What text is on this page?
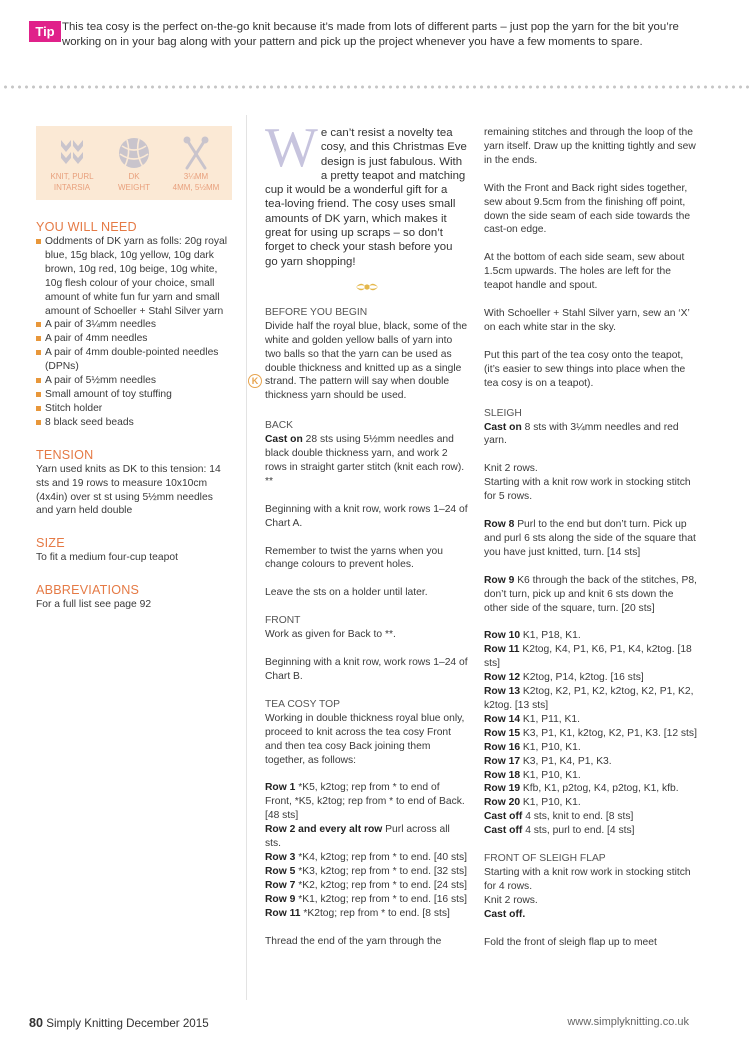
Tip This tea cosy is the perfect on-the-go knit because it’s made from lots of different parts – just pop the yarn for the bit you’re working on in your bag along with your pattern and pick up the project whenever you have a few moments to spare.
KNIT, PURL
INTARSIA
DK
WEIGHT
3¼MM
4MM, 5½MM
YOU WILL NEED
Oddments of DK yarn as folls: 20g royal blue, 15g black, 10g yellow, 10g dark brown, 10g red, 10g beige, 10g white, 10g flesh colour of your choice, small amount of white fun fur yarn and small amount of Schoeller + Stahl Silver yarn
A pair of 3¼mm needles
A pair of 4mm needles
A pair of 4mm double-pointed needles (DPNs)
A pair of 5½mm needles
Small amount of toy stuffing
Stitch holder
8 black seed beads
TENSION

Yarn used knits as DK to this tension: 14 sts and 19 rows to measure 10x10cm (4x4in) over st st using 5½mm needles and yarn held double

SIZE

To fit a medium four-cup teapot

ABBREVIATIONS

For a full list see page 92

We can’t resist a novelty tea cosy, and this Christmas Eve design is just fabulous. With a pretty teapot and matching cup it would be a wonderful gift for a tea-loving friend. The cosy uses small amounts of DK yarn, which makes it great for using up scraps – so don’t forget to check your stash before you go yarn shopping!
BEFORE YOU BEGIN

Divide half the royal blue, black, some of the white and golden yellow balls of yarn into two balls so that the yarn can be used as double thickness and knitted up as a single strand. The pattern will say when double thickness yarn should be used.

K
BACK

Cast on 28 sts using 5½mm needles and black double thickness yarn, and work 2 rows in straight garter stitch (knit each row). **

Beginning with a knit row, work rows 1–24 of Chart A.

Remember to twist the yarns when you change colours to prevent holes.

Leave the sts on a holder until later.

FRONT

Work as given for Back to **.

Beginning with a knit row, work rows 1–24 of Chart B.

TEA COSY TOP

Working in double thickness royal blue only, proceed to knit across the tea cosy Front and then tea cosy Back joining them together, as follows:

Row 1 *K5, k2tog; rep from * to end of Front, *K5, k2tog; rep from * to end of Back. [48 sts]

Row 2 and every alt row Purl across all sts.

Row 3 *K4, k2tog; rep from * to end. [40 sts]

Row 5 *K3, k2tog; rep from * to end. [32 sts]

Row 7 *K2, k2tog; rep from * to end. [24 sts]

Row 9 *K1, k2tog; rep from * to end. [16 sts]

Row 11 *K2tog; rep from * to end. [8 sts]

Thread the end of the yarn through the

remaining stitches and through the loop of the yarn itself. Draw up the knitting tightly and sew in the ends.

With the Front and Back right sides together, sew about 9.5cm from the finishing off point, down the side seam of each side towards the cast-on edge.

At the bottom of each side seam, sew about 1.5cm upwards. The holes are left for the teapot handle and spout.

With Schoeller + Stahl Silver yarn, sew an ‘X’ on each white star in the sky.

Put this part of the tea cosy onto the teapot, (it’s easier to sew things into place when the tea cosy is on a teapot).

SLEIGH

Cast on 8 sts with 3¼mm needles and red yarn.

Knit 2 rows.

Starting with a knit row work in stocking stitch for 5 rows.

Row 8 Purl to the end but don’t turn. Pick up and purl 6 sts along the side of the square that you have just knitted, turn. [14 sts]

Row 9 K6 through the back of the stitches, P8, don’t turn, pick up and knit 6 sts down the other side of the square, turn. [20 sts]

Row 10 K1, P18, K1.

Row 11 K2tog, K4, P1, K6, P1, K4, k2tog. [18 sts]

Row 12 K2tog, P14, k2tog. [16 sts]

Row 13 K2tog, K2, P1, K2, k2tog, K2, P1, K2, k2tog. [13 sts]

Row 14 K1, P11, K1.

Row 15 K3, P1, K1, k2tog, K2, P1, K3. [12 sts]

Row 16 K1, P10, K1.

Row 17 K3, P1, K4, P1, K3.

Row 18 K1, P10, K1.

Row 19 Kfb, K1, p2tog, K4, p2tog, K1, kfb.

Row 20 K1, P10, K1.

Cast off 4 sts, knit to end. [8 sts]

Cast off 4 sts, purl to end. [4 sts]

FRONT OF SLEIGH FLAP

Starting with a knit row work in stocking stitch for 4 rows.

Knit 2 rows.

Cast off.

Fold the front of sleigh flap up to meet

80 Simply Knitting December 2015	www.simplyknitting.co.uk
